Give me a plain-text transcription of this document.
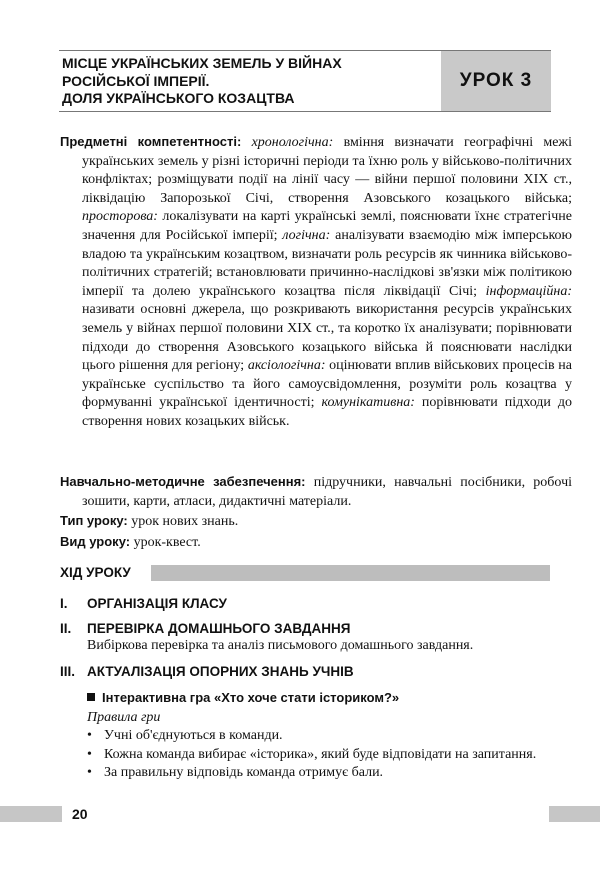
МІСЦЕ УКРАЇНСЬКИХ ЗЕМЕЛЬ У ВІЙНАХ
РОСІЙСЬКОЇ ІМПЕРІЇ.
ДОЛЯ УКРАЇНСЬКОГО КОЗАЦТВА
УРОК 3
Предметні компетентності: хронологічна: вміння визначати географічні межі українських земель у різні історичні періоди та їхню роль у військово-політичних конфліктах; розміщувати події на лінії часу — війни першої половини XIX ст., ліквідацію Запорозької Січі, створення Азовського козацького війська; просторова: локалізувати на карті українські землі, пояснювати їхнє стратегічне значення для Російської імперії; логічна: аналізувати взаємодію між імперською владою та українським козацтвом, визначати роль ресурсів як чинника військово-політичних стратегій; встановлювати причинно-наслідкові зв'язки між політикою імперії та долею українського козацтва після ліквідації Січі; інформаційна: називати основні джерела, що розкривають використання ресурсів українських земель у війнах першої половини XIX ст., та коротко їх аналізувати; порівнювати підходи до створення Азовського козацького війська й пояснювати наслідки цього рішення для регіону; аксіологічна: оцінювати вплив військових процесів на українське суспільство та його самоусвідомлення, розуміти роль козацтва у формуванні української ідентичності; комунікативна: порівнювати підходи до створення нових козацьких військ.
Навчально-методичне забезпечення: підручники, навчальні посібники, робочі зошити, карти, атласи, дидактичні матеріали.
Тип уроку: урок нових знань.
Вид уроку: урок-квест.
ХІД УРОКУ
I. ОРГАНІЗАЦІЯ КЛАСУ
II. ПЕРЕВІРКА ДОМАШНЬОГО ЗАВДАННЯ
Вибіркова перевірка та аналіз письмового домашнього завдання.
III. АКТУАЛІЗАЦІЯ ОПОРНИХ ЗНАНЬ УЧНІВ
Інтерактивна гра «Хто хоче стати істориком?»
Правила гри
• Учні об'єднуються в команди.
• Кожна команда вибирає «історика», який буде відповідати на запитання.
• За правильну відповідь команда отримує бали.
20
